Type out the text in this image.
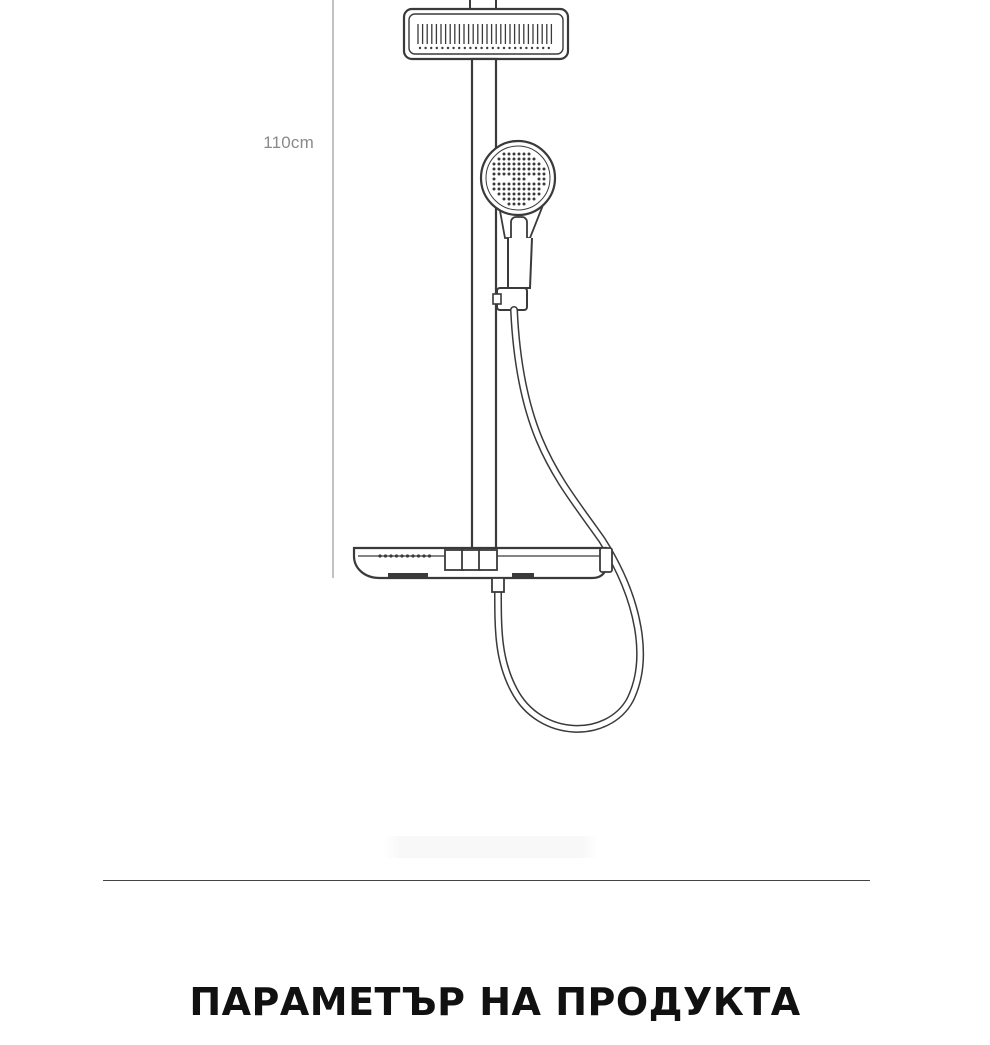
110cm
ПАРАМЕТЪР НА ПРОДУКТА
